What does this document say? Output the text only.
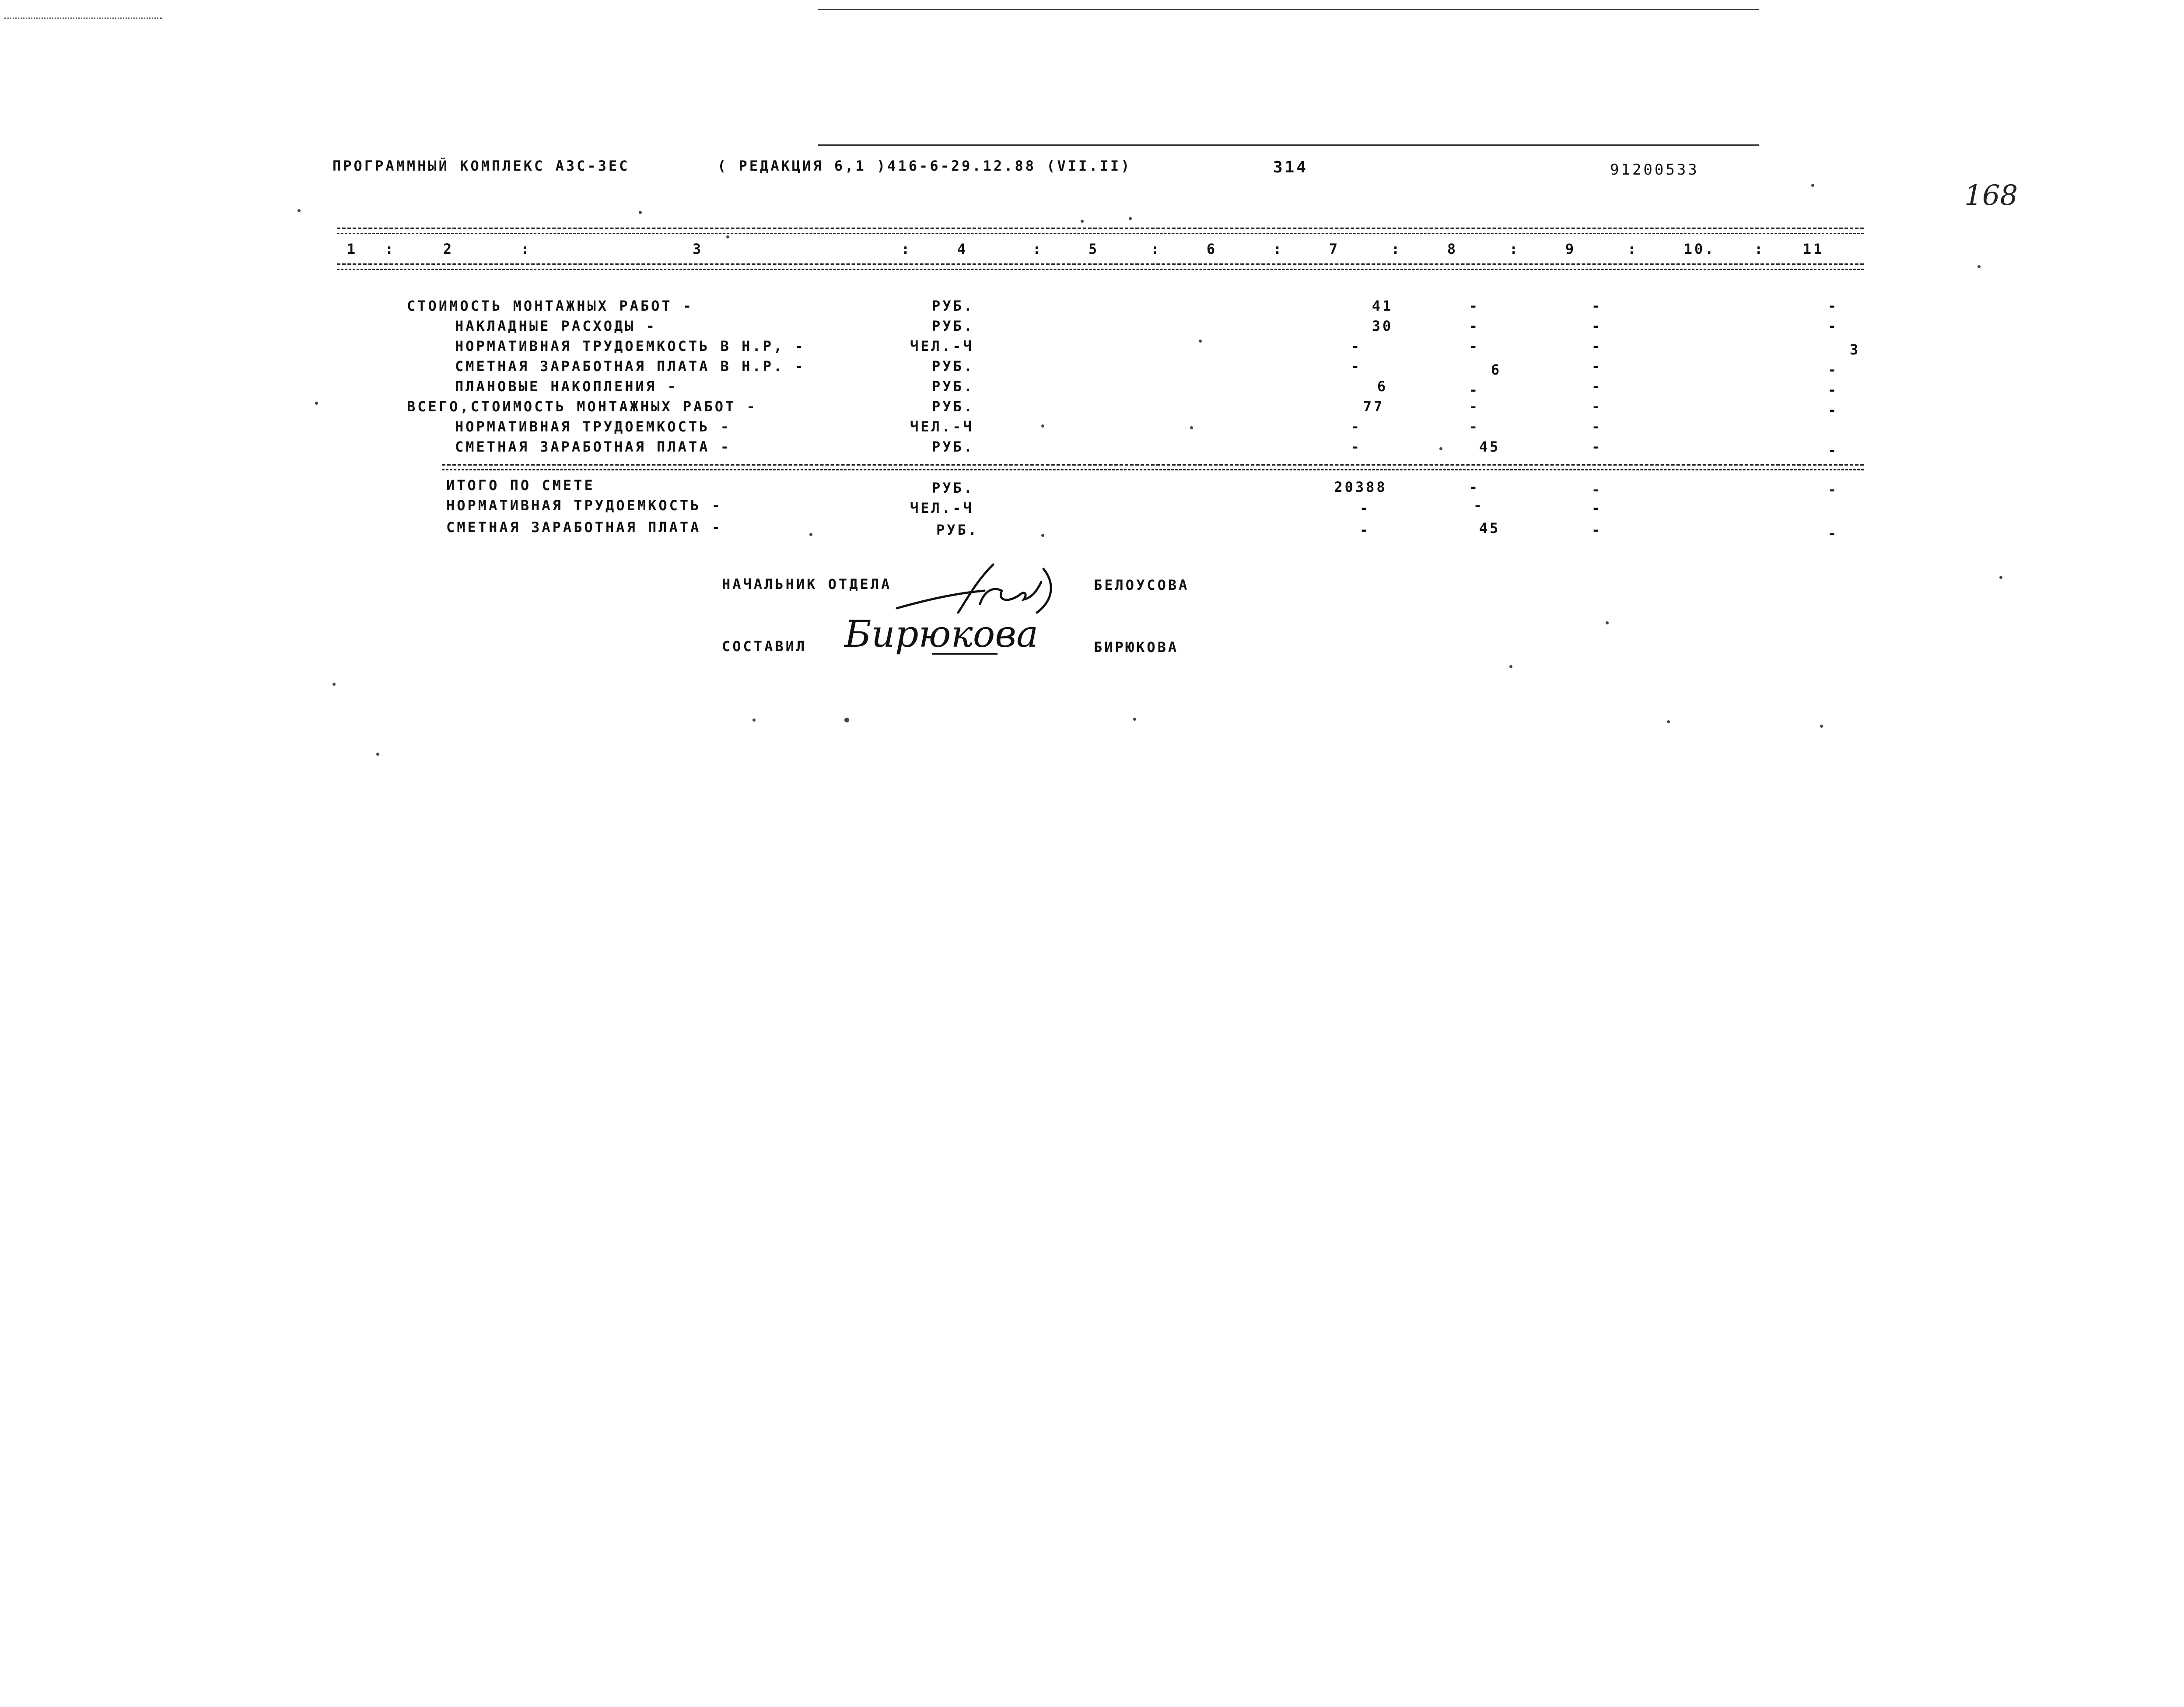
ПРОГРАММНЫЙ КОМПЛЕКС АЗС-ЗЕС	( РЕДАКЦИЯ 6,1 )416-6-29.12.88 (VII.II)	314	91200533
168
1	2	3	4	5	6	7	8	9	10.	11
:	:	:	:	:	:	:	:	:	:
СТОИМОСТЬ МОНТАЖНЫХ РАБОТ -	РУБ.	41	-	-	-
НАКЛАДНЫЕ РАСХОДЫ -	РУБ.	30	-	-	-
НОРМАТИВНАЯ ТРУДОЕМКОСТЬ В Н.Р, -	ЧЕЛ.-Ч	-	-	-	3
СМЕТНАЯ ЗАРАБОТНАЯ ПЛАТА В Н.Р. -	РУБ.	-	6	-	-
ПЛАНОВЫЕ НАКОПЛЕНИЯ -	РУБ.	6	-	-	-
ВСЕГО,СТОИМОСТЬ МОНТАЖНЫХ РАБОТ -	РУБ.	77	-	-	-
НОРМАТИВНАЯ ТРУДОЕМКОСТЬ -	ЧЕЛ.-Ч	-	-	-
СМЕТНАЯ ЗАРАБОТНАЯ ПЛАТА -	РУБ.	-	45	-	-
ИТОГО ПО СМЕТЕ	РУБ.	20388	-	-	-
НОРМАТИВНАЯ ТРУДОЕМКОСТЬ -	ЧЕЛ.-Ч	-	-	-
СМЕТНАЯ ЗАРАБОТНАЯ ПЛАТА -	РУБ.	-	45	-	-
НАЧАЛЬНИК ОТДЕЛА	БЕЛОУСОВА
СОСТАВИЛ Бирюкова	БИРЮКОВА
